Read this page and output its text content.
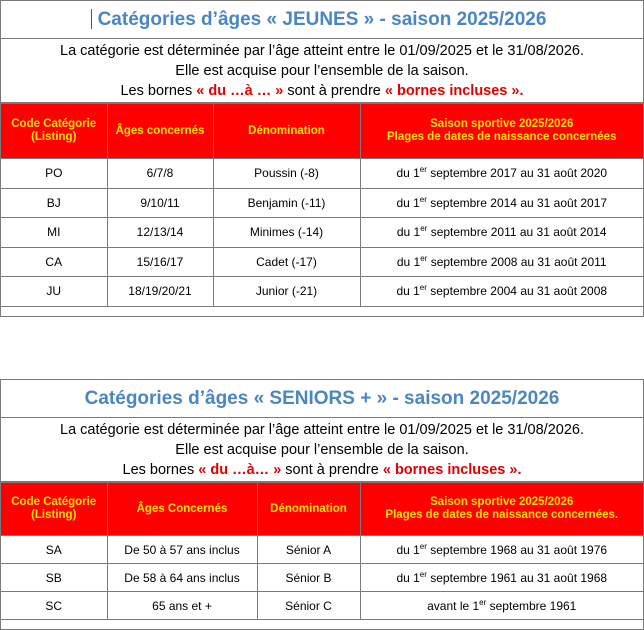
Catégories d’âges « JEUNES » - saison 2025/2026
La catégorie est déterminée par l’âge atteint entre le 01/09/2025 et le 31/08/2026.
Elle est acquise pour l’ensemble de la saison.
Les bornes « du …à … » sont à prendre « bornes incluses ».
Code Catégorie (Listing)	Âges concernés	Dénomination	Saison sportive 2025/2026
Plages de dates de naissance concernées

PO	6/7/8	Poussin (-8)	du 1er septembre 2017 au 31 août 2020
BJ	9/10/11	Benjamin (-11)	du 1er septembre 2014 au 31 août 2017
MI	12/13/14	Minimes (-14)	du 1er septembre 2011 au 31 août 2014
CA	15/16/17	Cadet (-17)	du 1er septembre 2008 au 31 août 2011
JU	18/19/20/21	Junior (-21)	du 1er septembre 2004 au 31 août 2008
Catégories d’âges « SENIORS + » - saison 2025/2026
La catégorie est déterminée par l’âge atteint entre le 01/09/2025 et le 31/08/2026.
Elle est acquise pour l’ensemble de la saison.
Les bornes « du …à… » sont à prendre « bornes incluses ».
Code Catégorie (Listing)	Âges Concernés	Dénomination	Saison sportive 2025/2026
Plages de dates de naissance concernées.

SA	De 50 à 57 ans inclus	Sénior A	du 1er septembre 1968 au 31 août 1976
SB	De 58 à 64 ans inclus	Sénior B	du 1er septembre 1961 au 31 août 1968
SC	65 ans et +	Sénior C	avant le 1er septembre 1961
